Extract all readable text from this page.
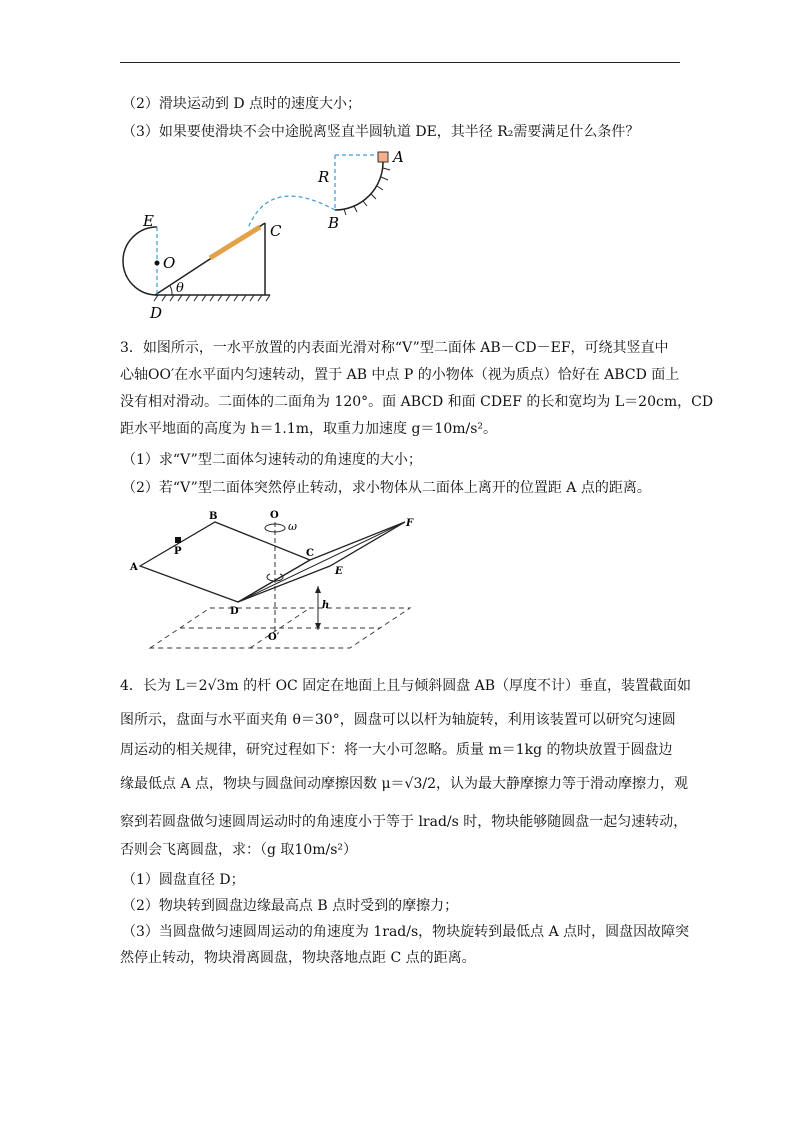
（2）滑块运动到 D 点时的速度大小；
（3）如果要使滑块不会中途脱离竖直半圆轨道 DE，其半径 R₂需要满足什么条件？
A
R
B
C
E
O
θ
D
3．如图所示，一水平放置的内表面光滑对称“V”型二面体 AB－CD－EF，可绕其竖直中
心轴OO′在水平面内匀速转动，置于 AB 中点 P 的小物体（视为质点）恰好在 ABCD 面上
没有相对滑动。二面体的二面角为 120°。面 ABCD 和面 CDEF 的长和宽均为 L＝20cm，CD
距水平地面的高度为 h＝1.1m，取重力加速度 g＝10m/s²。
（1）求“V”型二面体匀速转动的角速度的大小；
（2）若“V”型二面体突然停止转动，求小物体从二面体上离开的位置距 A 点的距离。
B	O
ω	F
P	C
A	E
D
h
O′
4．长为 L＝2√3m 的杆 OC 固定在地面上且与倾斜圆盘 AB（厚度不计）垂直，装置截面如
图所示，盘面与水平面夹角 θ＝30°，圆盘可以以杆为轴旋转，利用该装置可以研究匀速圆
周运动的相关规律，研究过程如下：将一大小可忽略。质量 m＝1kg 的物块放置于圆盘边
缘最低点 A 点，物块与圆盘间动摩擦因数 μ＝√3/2，认为最大静摩擦力等于滑动摩擦力，观
察到若圆盘做匀速圆周运动时的角速度小于等于 lrad/s 时，物块能够随圆盘一起匀速转动，
否则会飞离圆盘，求：（g 取10m/s²）
（1）圆盘直径 D；
（2）物块转到圆盘边缘最高点 B 点时受到的摩擦力；
（3）当圆盘做匀速圆周运动的角速度为 1rad/s，物块旋转到最低点 A 点时，圆盘因故障突
然停止转动，物块滑离圆盘，物块落地点距 C 点的距离。
